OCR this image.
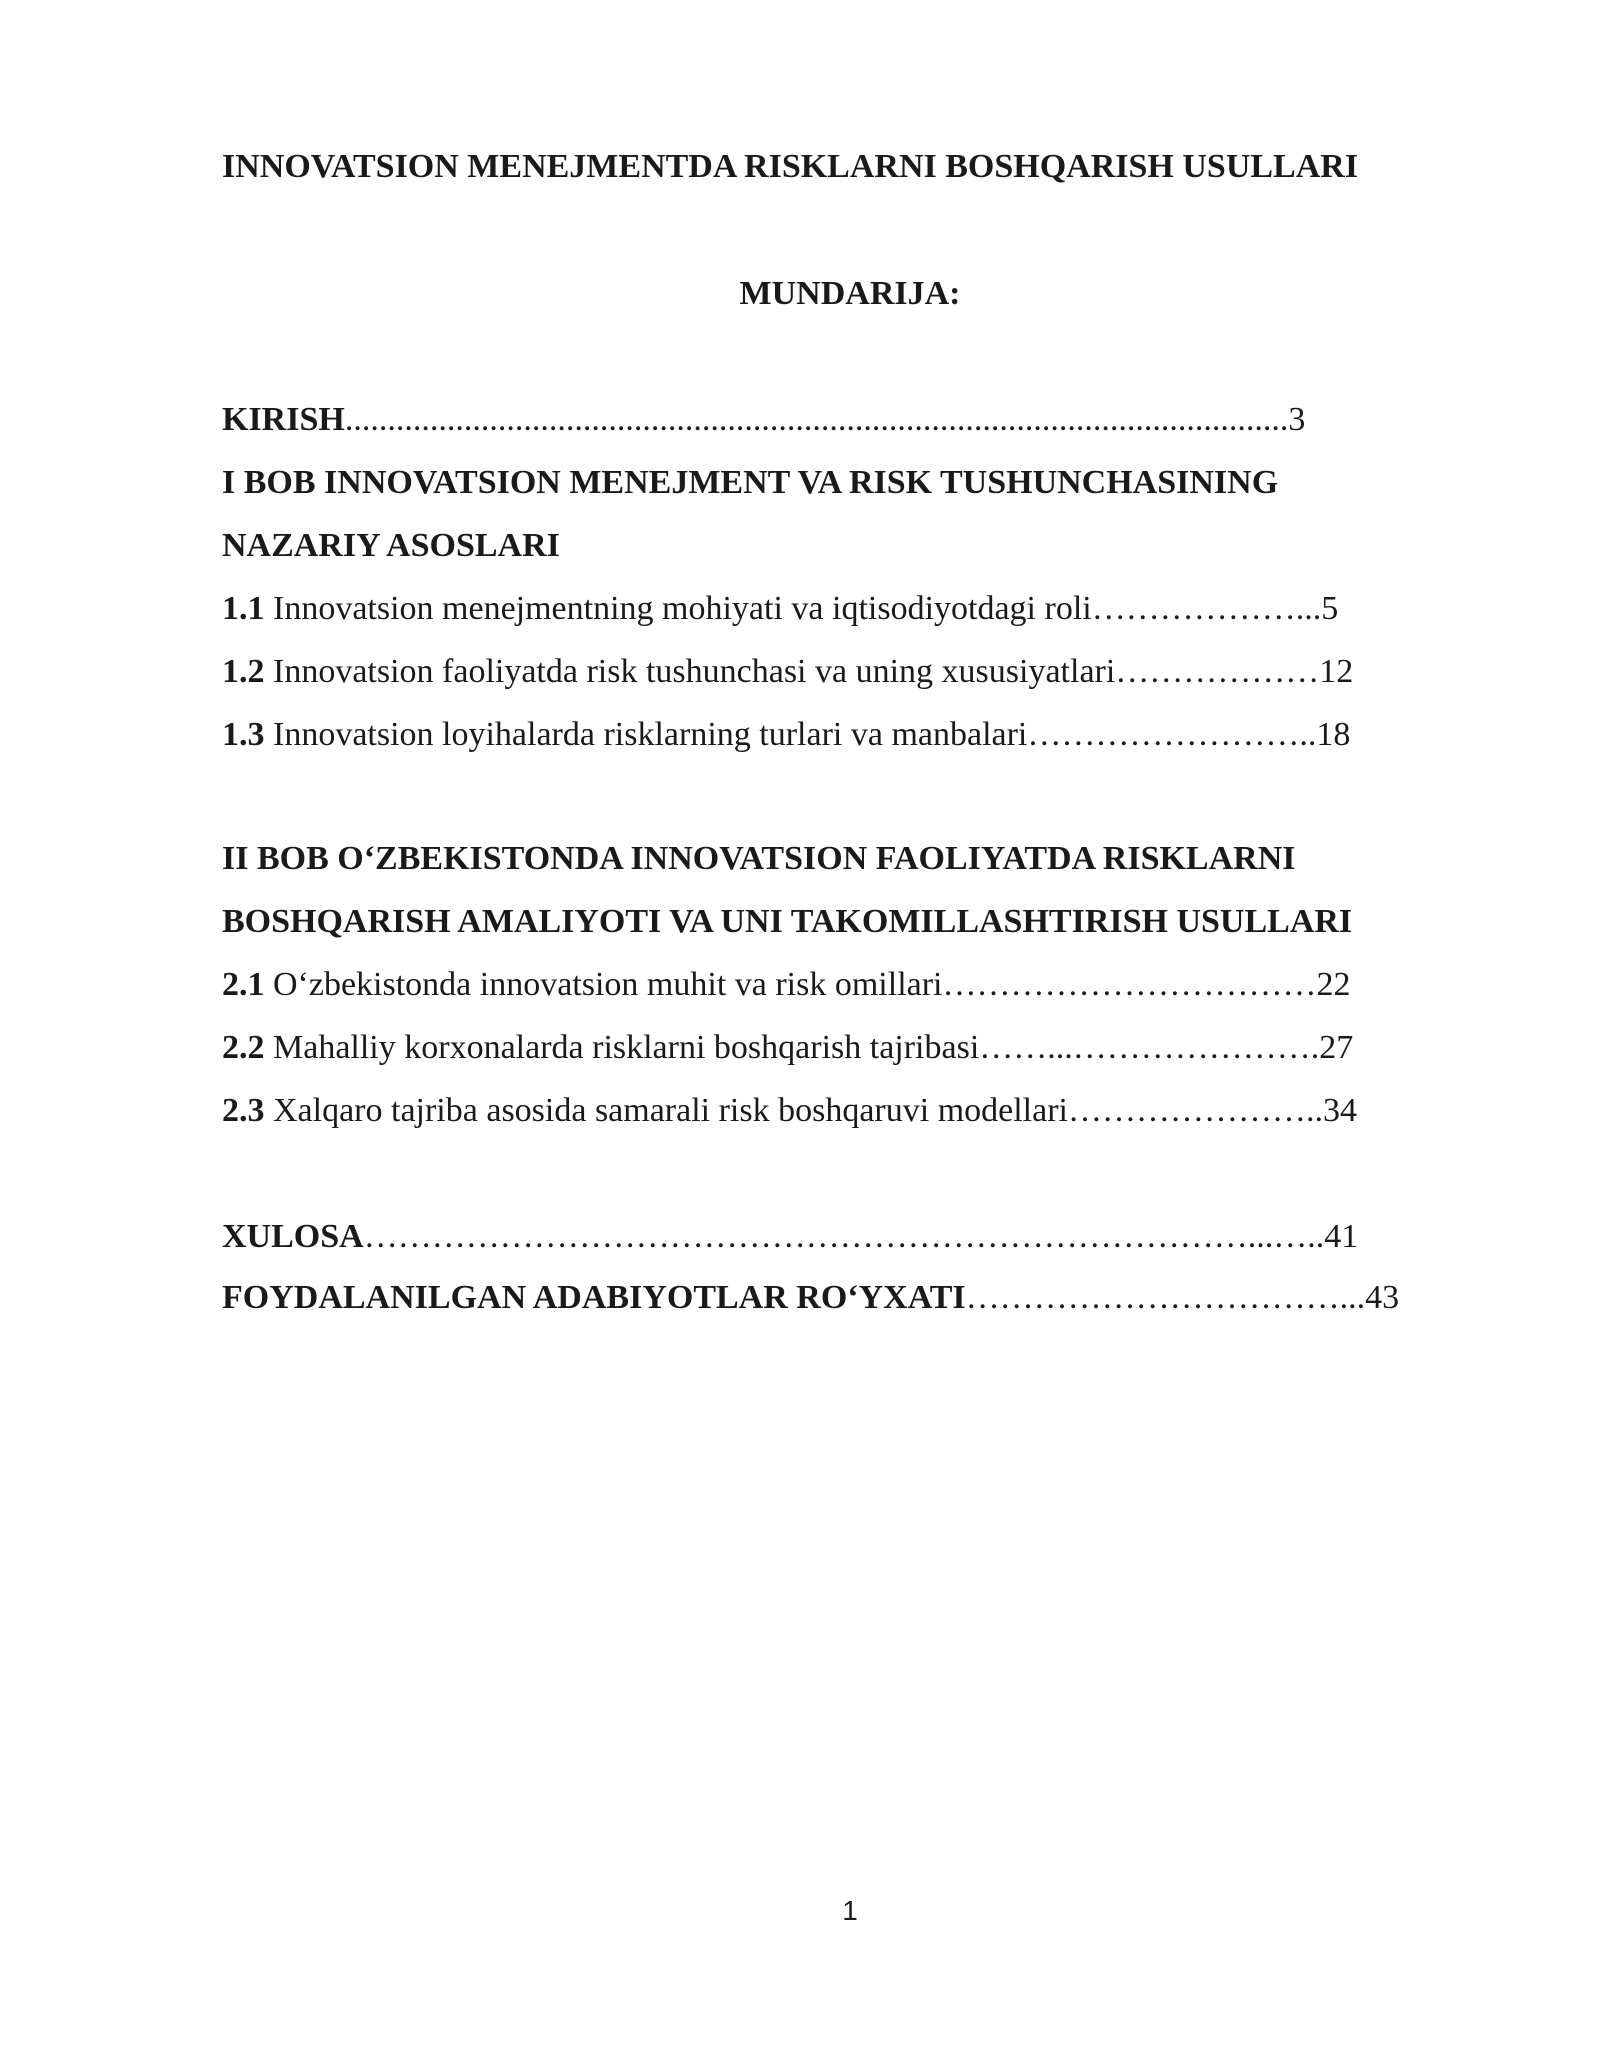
INNOVATSION MENEJMENTDA RISKLARNI BOSHQARISH USULLARI
MUNDARIJA:
KIRISH...............................................................................................................3
I BOB INNOVATSION MENEJMENT VA RISK TUSHUNCHASINING
NAZARIY ASOSLARI
1.1 Innovatsion menejmentning mohiyati va iqtisodiyotdagi roli………………...5
1.2 Innovatsion faoliyatda risk tushunchasi va uning xususiyatlari………………12
1.3 Innovatsion loyihalarda risklarning turlari va manbalari……………………..18
II BOB O‘ZBEKISTONDA INNOVATSION FAOLIYATDA RISKLARNI
BOSHQARISH AMALIYOTI VA UNI TAKOMILLASHTIRISH USULLARI
2.1 O‘zbekistonda innovatsion muhit va risk omillari……………………………22
2.2 Mahalliy korxonalarda risklarni boshqarish tajribasi……...………………….27
2.3 Xalqaro tajriba asosida samarali risk boshqaruvi modellari…………………..34
XULOSA……………………………………………………………………...…..41
FOYDALANILGAN ADABIYOTLAR RO‘YXATI……………………………...43
1
